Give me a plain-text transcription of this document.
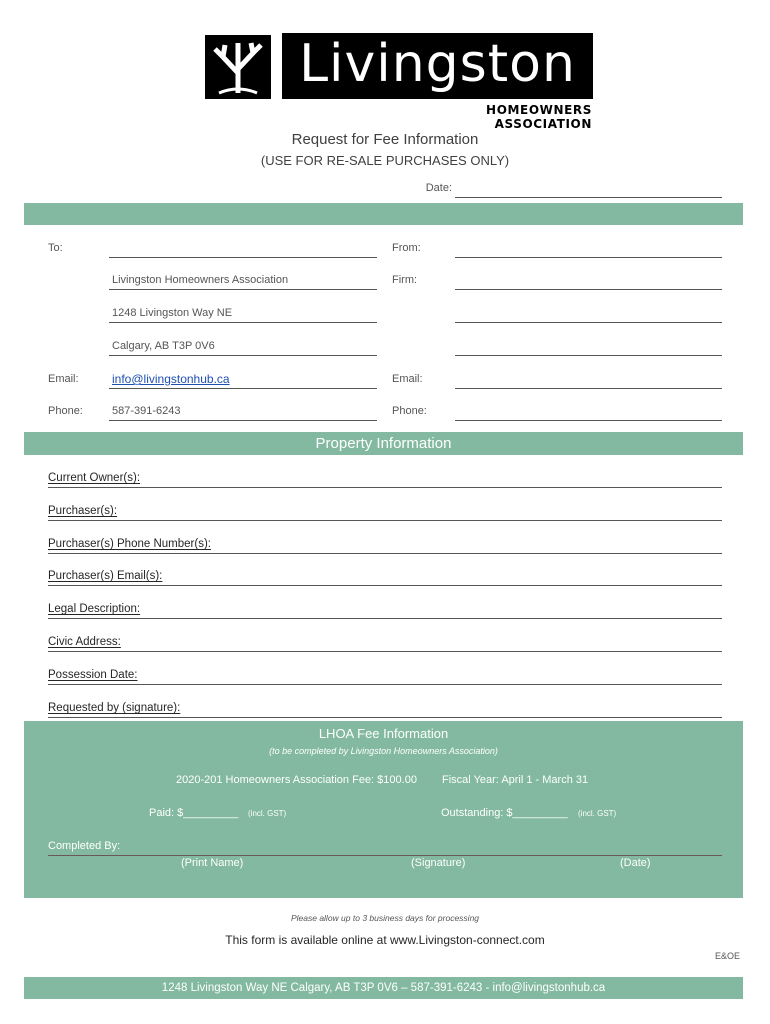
Livingston
HOMEOWNERS ASSOCIATION
Request for Fee Information
(USE FOR RE-SALE PURCHASES ONLY)
Date:
To:	From:
Livingston Homeowners Association	Firm:
1248 Livingston Way NE
Calgary, AB T3P 0V6
Email:	info@livingstonhub.ca	Email:
Phone:	587-391-6243	Phone:
Property Information
Current Owner(s):
Purchaser(s):
Purchaser(s) Phone Number(s):
Purchaser(s) Email(s):
Legal Description:
Civic Address:
Possession Date:
Requested by (signature):
LHOA Fee Information
(to be completed by Livingston Homeowners Association)
2020-201 Homeowners Association Fee: $100.00 Fiscal Year: April 1 - March 31
Paid: $_________ (incl. GST)	Outstanding: $_________ (incl. GST)
Completed By:
(Print Name)	(Signature)	(Date)
Please allow up to 3 business days for processing
This form is available online at www.Livingston-connect.com
E&OE
1248 Livingston Way NE Calgary, AB T3P 0V6 – 587-391-6243 - info@livingstonhub.ca
